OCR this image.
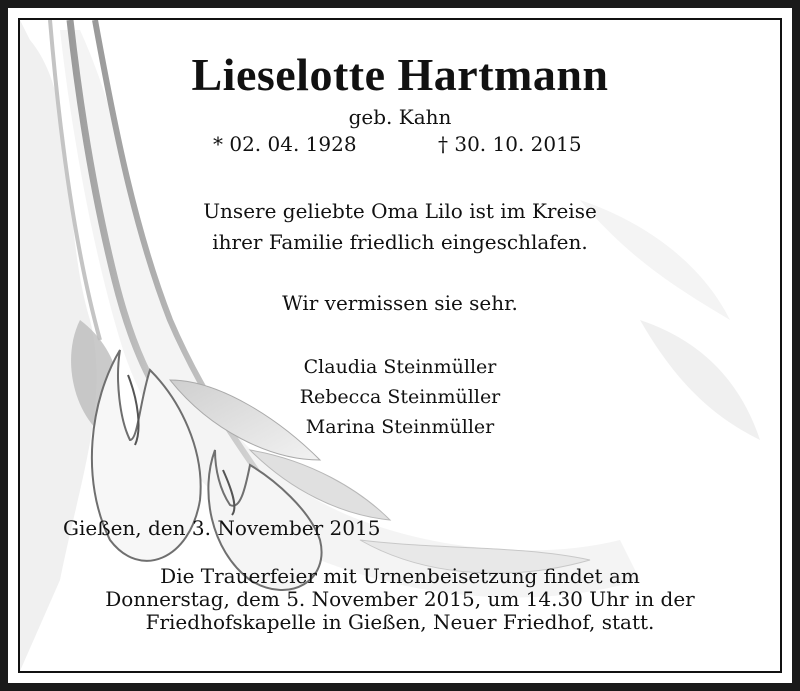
Lieselotte Hartmann
geb. Kahn
* 02. 04. 1928	† 30. 10. 2015
Unsere geliebte Oma Lilo ist im Kreise
ihrer Familie friedlich eingeschlafen.
Wir vermissen sie sehr.
Claudia Steinmüller
Rebecca Steinmüller
Marina Steinmüller
Gießen, den 3. November 2015
Die Trauerfeier mit Urnenbeisetzung findet am
Donnerstag, dem 5. November 2015, um 14.30 Uhr in der
Friedhofskapelle in Gießen, Neuer Friedhof, statt.
